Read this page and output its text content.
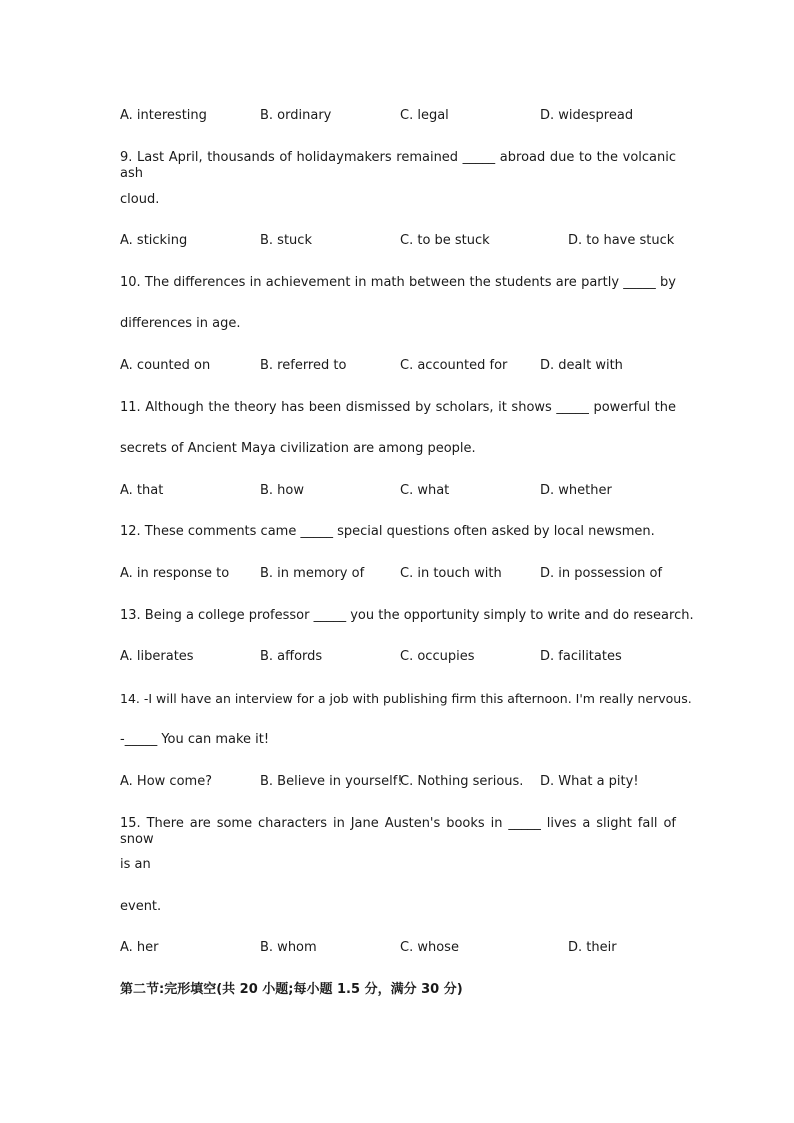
A. interesting	B. ordinary	C. legal	D. widespread
9. Last April, thousands of holidaymakers remained _____ abroad due to the volcanic ash
cloud.
A. sticking	B. stuck	C. to be stuck	D. to have stuck
10. The differences in achievement in math between the students are partly _____ by
differences in age.
A. counted on	B. referred to	C. accounted for	D. dealt with
11. Although the theory has been dismissed by scholars, it shows _____ powerful the
secrets of Ancient Maya civilization are among people.
A. that	B. how	C. what	D. whether
12. These comments came _____ special questions often asked by local newsmen.
A. in response to B. in memory of	C. in touch with	D. in possession of
13. Being a college professor _____ you the opportunity simply to write and do research.
A. liberates	B. affords	C. occupies	D. facilitates
14. -I will have an interview for a job with publishing firm this afternoon. I'm really nervous.
-_____ You can make it!
A. How come?	B. Believe in yourself!
C. Nothing serious. D. What a pity!
15. There are some characters in Jane Austen's books in _____ lives a slight fall of snow
is an
event.
A. her	B. whom	C. whose	D. their
第二节:完形填空(共 20 小题;每小题 1.5 分，满分 30 分)
